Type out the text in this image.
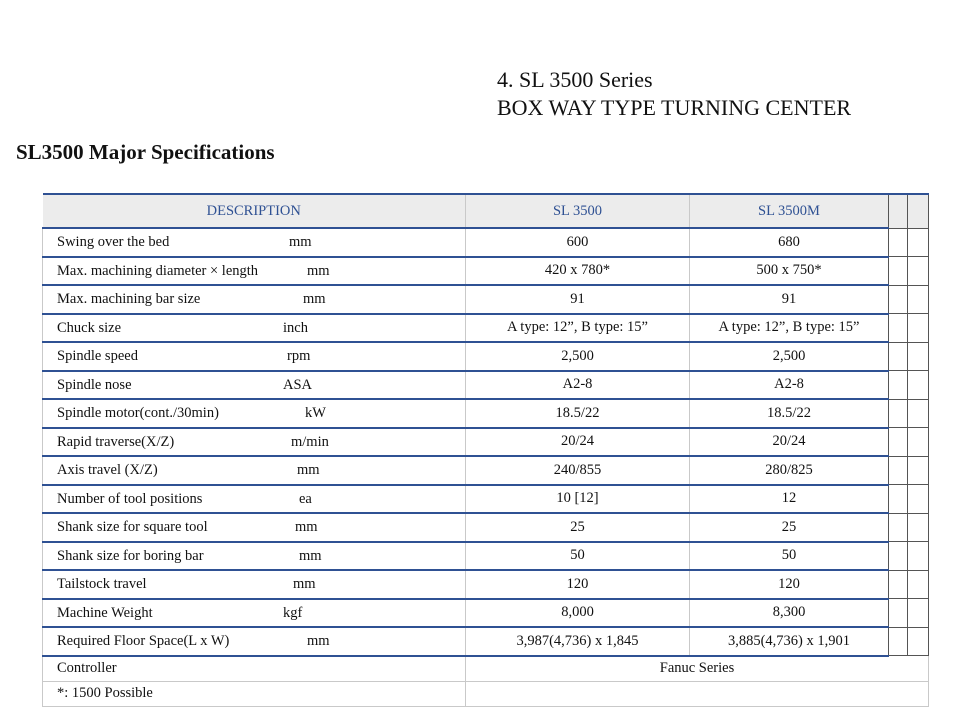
4. SL 3500 Series
BOX WAY TYPE TURNING CENTER
SL3500 Major Specifications
DESCRIPTION	SL 3500	SL 3500M		

Swing over the bed mm	600	680		

Max. machining diameter × length mm	420 x 780*	500 x 750*		

Max. machining bar size mm	91	91		

Chuck size inch	A type: 12”, B type: 15”	A type: 12”, B type: 15”		

Spindle speed rpm	2,500	2,500		

Spindle nose ASA	A2-8	A2-8		

Spindle motor(cont./30min) kW	18.5/22	18.5/22		

Rapid traverse(X/Z) m/min	20/24	20/24		

Axis travel (X/Z) mm	240/855	280/825		

Number of tool positions ea	10 [12]	12		

Shank size for square tool mm	25	25		

Shank size for boring bar mm	50	50		

Tailstock travel mm	120	120		

Machine Weight kgf	8,000	8,300		

Required Floor Space(L x W) mm	3,987(4,736) x 1,845	3,885(4,736) x 1,901		
Controller	Fanuc Series			
*: 1500 Possible				
